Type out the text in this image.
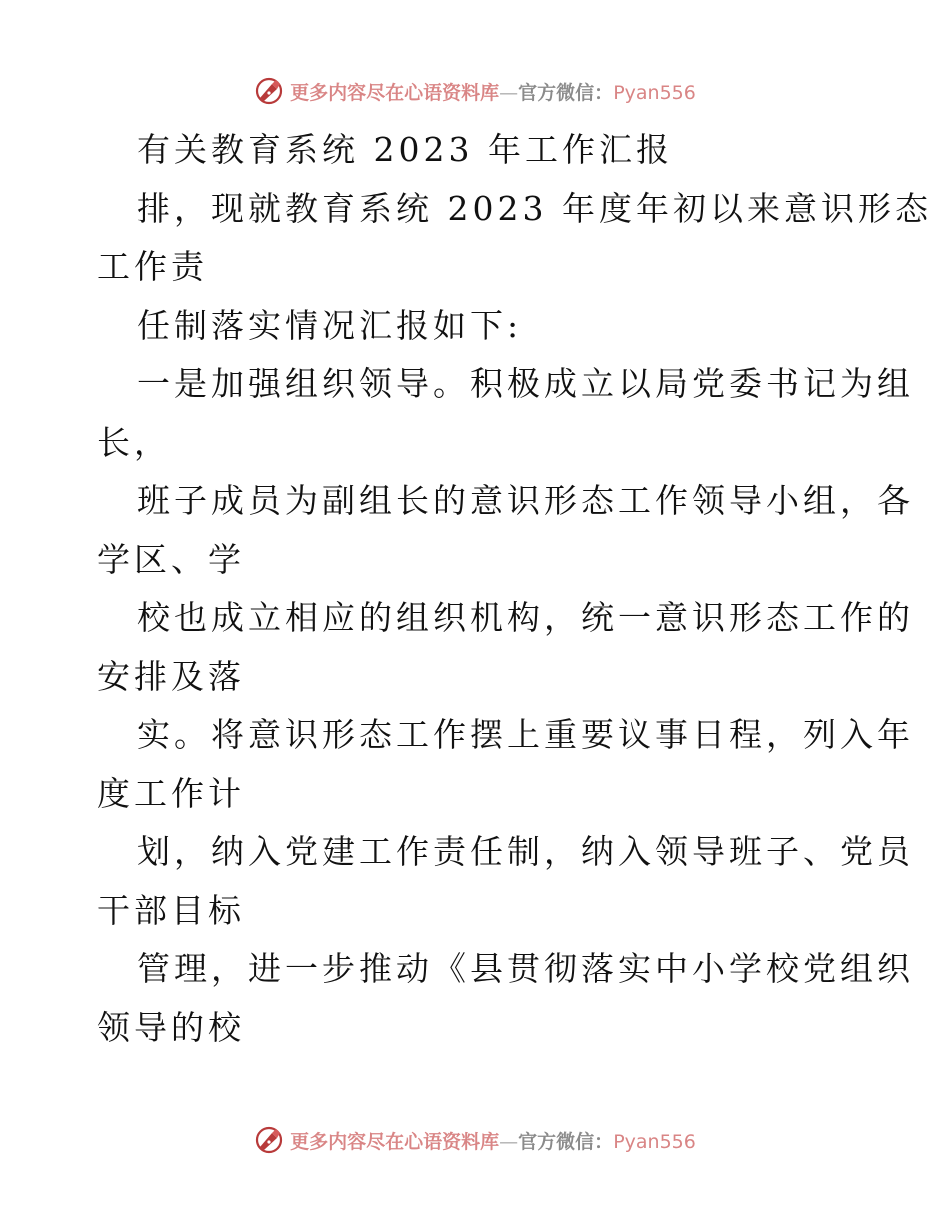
更多内容尽在心语资料库—官方微信：Pyan556
有关教育系统 2023 年工作汇报
排，现就教育系统 2023 年度年初以来意识形态
工作责
任制落实情况汇报如下:
一是加强组织领导。积极成立以局党委书记为组
长，
班子成员为副组长的意识形态工作领导小组，各
学区、学
校也成立相应的组织机构，统一意识形态工作的
安排及落
实。将意识形态工作摆上重要议事日程，列入年
度工作计
划，纳入党建工作责任制，纳入领导班子、党员
干部目标
管理，进一步推动《县贯彻落实中小学校党组织
领导的校
更多内容尽在心语资料库—官方微信：Pyan556
